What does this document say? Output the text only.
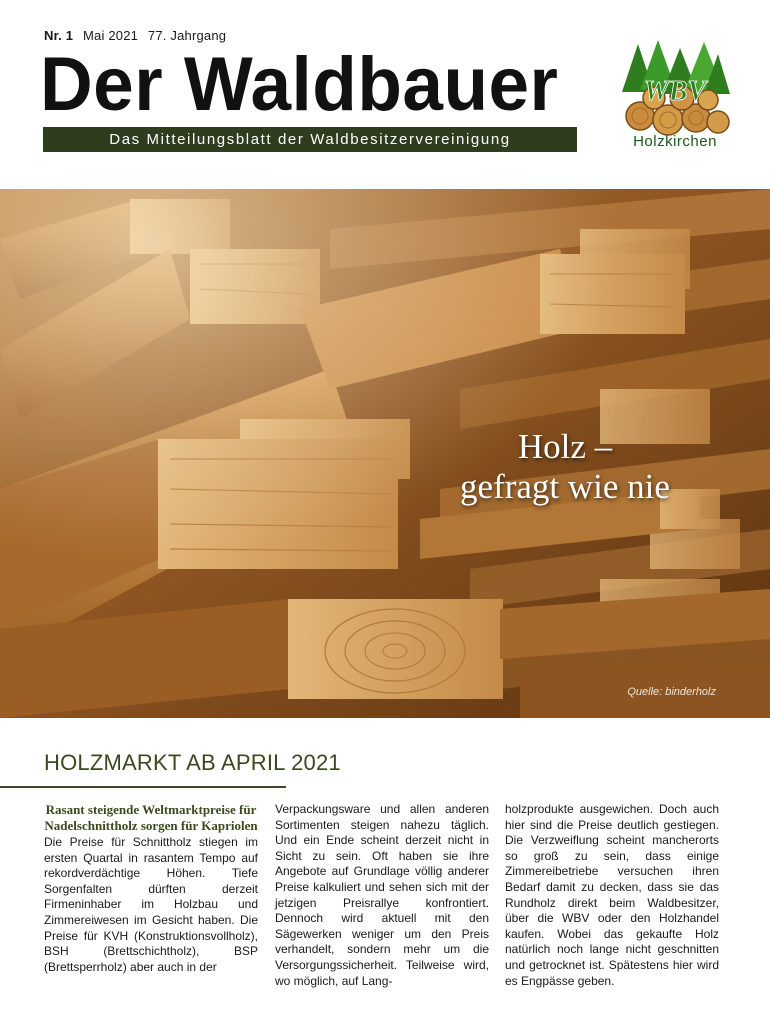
Nr. 1 Mai 2021 77. Jahrgang
Der Waldbauer
Das Mitteilungsblatt der Waldbesitzervereinigung
WBV
Holzkirchen
Holz –
gefragt wie nie
Quelle: binderholz
HOLZMARKT AB APRIL 2021
Rasant steigende Weltmarktpreise für Nadelschnittholz sorgen für Kapriolen

Die Preise für Schnittholz stiegen im ersten Quartal in rasantem Tempo auf rekordverdächtige Höhen. Tiefe Sorgenfalten dürften derzeit Firmeninhaber im Holzbau und Zimmereiwesen im Gesicht haben. Die Preise für KVH (Konstruktionsvollholz), BSH (Brettschichtholz), BSP (Brettsperrholz) aber auch in der

Verpackungsware und allen anderen Sortimenten steigen nahezu täglich. Und ein Ende scheint derzeit nicht in Sicht zu sein. Oft haben sie ihre Angebote auf Grundlage völlig anderer Preise kalkuliert und sehen sich mit der jetzigen Preisrallye konfrontiert. Dennoch wird aktuell mit den Sägewerken weniger um den Preis verhandelt, sondern mehr um die Versorgungssicherheit. Teilweise wird, wo möglich, auf Lang-

holzprodukte ausgewichen. Doch auch hier sind die Preise deutlich gestiegen. Die Verzweiflung scheint mancherorts so groß zu sein, dass einige Zimmereibetriebe versuchen ihren Bedarf damit zu decken, dass sie das Rundholz direkt beim Waldbesitzer, über die WBV oder den Holzhandel kaufen. Wobei das gekaufte Holz natürlich noch lange nicht geschnitten und getrocknet ist. Spätestens hier wird es Engpässe geben.
